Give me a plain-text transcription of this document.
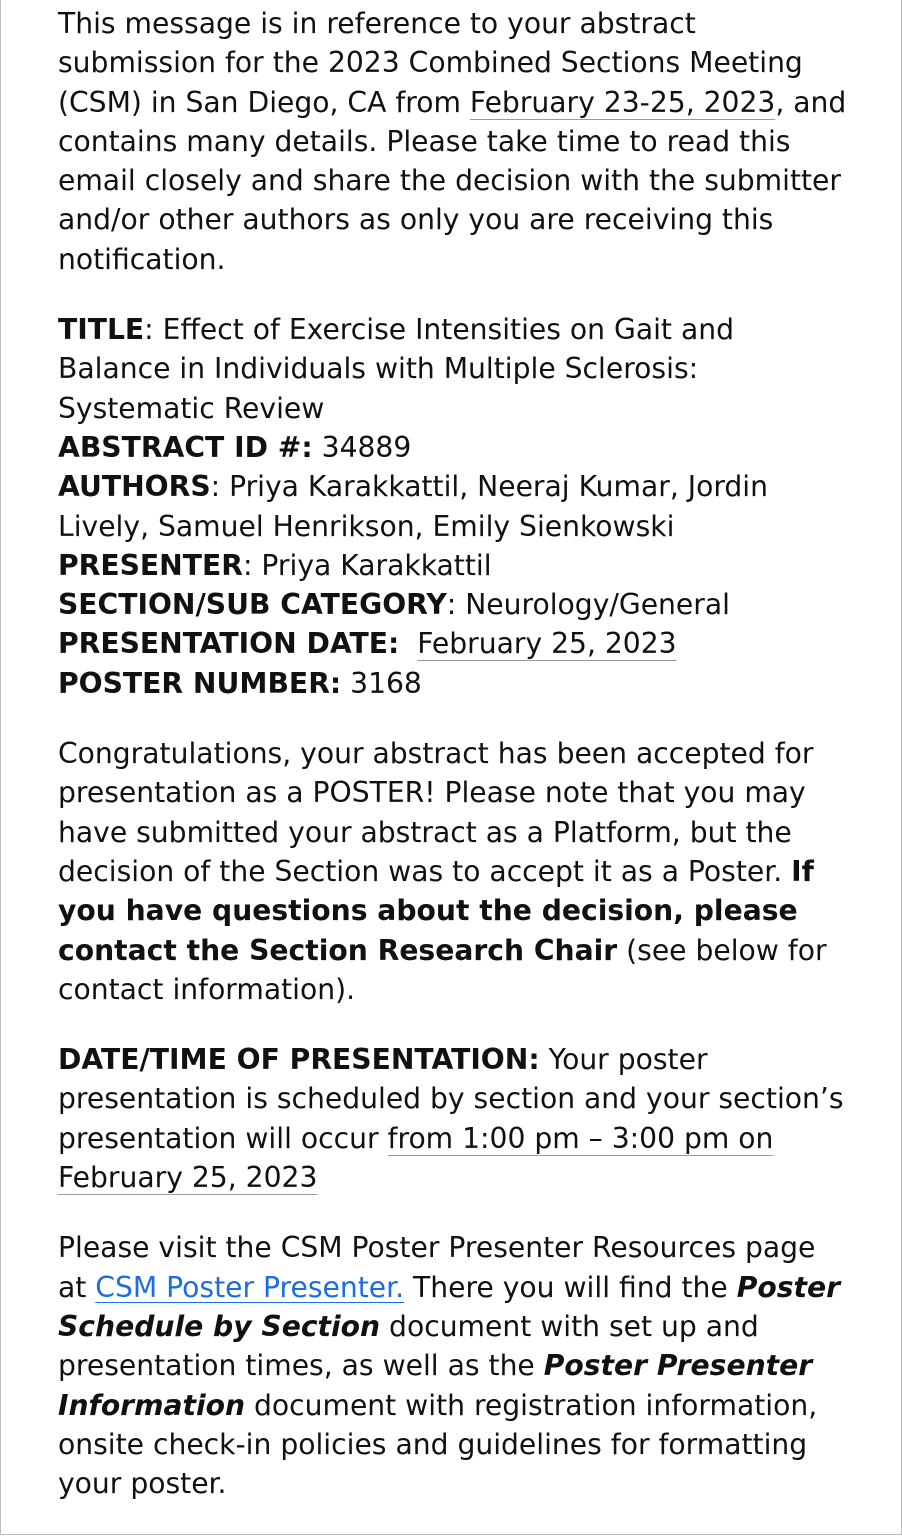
This message is in reference to your abstract submission for the 2023 Combined Sections Meeting (CSM) in San Diego, CA from February 23-25, 2023, and contains many details. Please take time to read this email closely and share the decision with the submitter and/or other authors as only you are receiving this notification.

TITLE: Effect of Exercise Intensities on Gait and Balance in Individuals with Multiple Sclerosis: Systematic Review

ABSTRACT ID #: 34889

AUTHORS: Priya Karakkattil, Neeraj Kumar, Jordin Lively, Samuel Henrikson, Emily Sienkowski

PRESENTER: Priya Karakkattil

SECTION/SUB CATEGORY: Neurology/General

PRESENTATION DATE: February 25, 2023

POSTER NUMBER: 3168

Congratulations, your abstract has been accepted for presentation as a POSTER! Please note that you may have submitted your abstract as a Platform, but the decision of the Section was to accept it as a Poster. If you have questions about the decision, please contact the Section Research Chair (see below for contact information).

DATE/TIME OF PRESENTATION: Your poster presentation is scheduled by section and your section’s presentation will occur from 1:00 pm – 3:00 pm on February 25, 2023

Please visit the CSM Poster Presenter Resources page at CSM Poster Presenter. There you will find the Poster Schedule by Section document with set up and presentation times, as well as the Poster Presenter Information document with registration information, onsite check-in policies and guidelines for formatting your poster.
